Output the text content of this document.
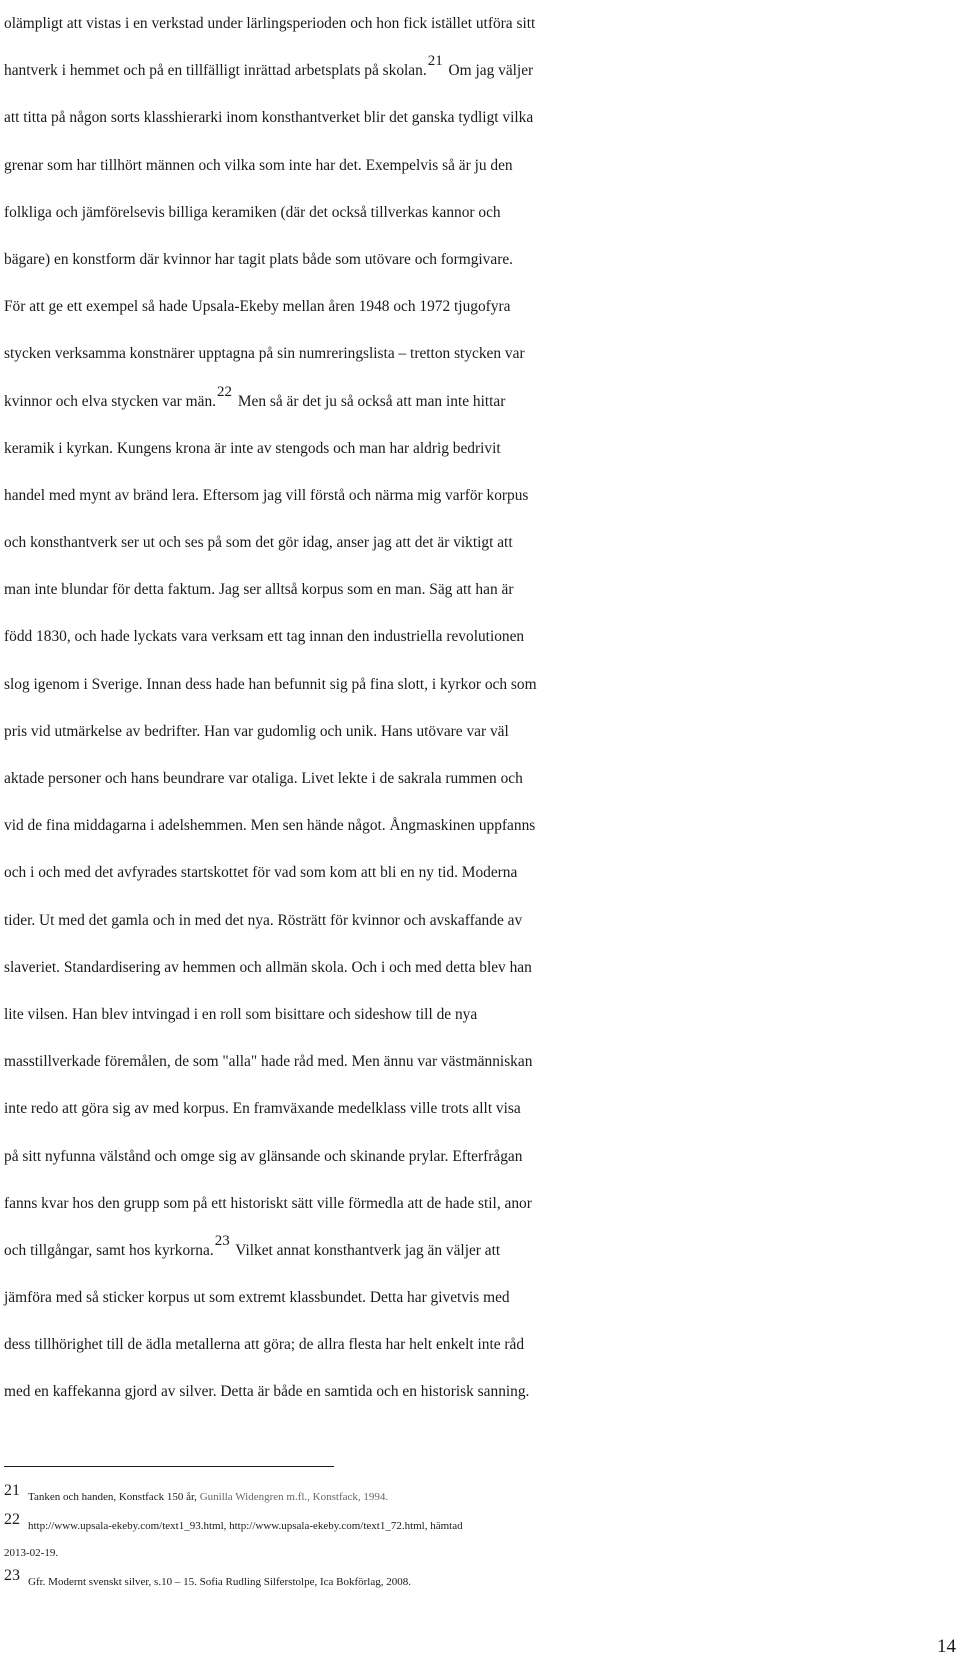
olämpligt att vistas i en verkstad under lärlingsperioden och hon fick istället utföra sitt
hantverk i hemmet och på en tillfälligt inrättad arbetsplats på skolan.21 Om jag väljer
att titta på någon sorts klasshierarki inom konsthantverket blir det ganska tydligt vilka
grenar som har tillhört männen och vilka som inte har det. Exempelvis så är ju den
folkliga och jämförelsevis billiga keramiken (där det också tillverkas kannor och
bägare) en konstform där kvinnor har tagit plats både som utövare och formgivare.
För att ge ett exempel så hade Upsala-Ekeby mellan åren 1948 och 1972 tjugofyra
stycken verksamma konstnärer upptagna på sin numreringslista – tretton stycken var
kvinnor och elva stycken var män.22 Men så är det ju så också att man inte hittar
keramik i kyrkan. Kungens krona är inte av stengods och man har aldrig bedrivit
handel med mynt av bränd lera. Eftersom jag vill förstå och närma mig varför korpus
och konsthantverk ser ut och ses på som det gör idag, anser jag att det är viktigt att
man inte blundar för detta faktum. Jag ser alltså korpus som en man. Säg att han är
född 1830, och hade lyckats vara verksam ett tag innan den industriella revolutionen
slog igenom i Sverige. Innan dess hade han befunnit sig på fina slott, i kyrkor och som
pris vid utmärkelse av bedrifter. Han var gudomlig och unik. Hans utövare var väl
aktade personer och hans beundrare var otaliga. Livet lekte i de sakrala rummen och
vid de fina middagarna i adelshemmen. Men sen hände något. Ångmaskinen uppfanns
och i och med det avfyrades startskottet för vad som kom att bli en ny tid. Moderna
tider. Ut med det gamla och in med det nya. Rösträtt för kvinnor och avskaffande av
slaveriet. Standardisering av hemmen och allmän skola. Och i och med detta blev han
lite vilsen. Han blev intvingad i en roll som bisittare och sideshow till de nya
masstillverkade föremålen, de som "alla" hade råd med. Men ännu var västmänniskan
inte redo att göra sig av med korpus. En framväxande medelklass ville trots allt visa
på sitt nyfunna välstånd och omge sig av glänsande och skinande prylar. Efterfrågan
fanns kvar hos den grupp som på ett historiskt sätt ville förmedla att de hade stil, anor
och tillgångar, samt hos kyrkorna.23 Vilket annat konsthantverk jag än väljer att
jämföra med så sticker korpus ut som extremt klassbundet. Detta har givetvis med
dess tillhörighet till de ädla metallerna att göra; de allra flesta har helt enkelt inte råd
med en kaffekanna gjord av silver. Detta är både en samtida och en historisk sanning.
21 Tanken och handen, Konstfack 150 år, Gunilla Widengren m.fl., Konstfack, 1994.
22 http://www.upsala-ekeby.com/text1_93.html, http://www.upsala-ekeby.com/text1_72.html, hämtad
2013-02-19.
23 Gfr. Modernt svenskt silver, s.10 – 15. Sofia Rudling Silferstolpe, Ica Bokförlag, 2008.
14
